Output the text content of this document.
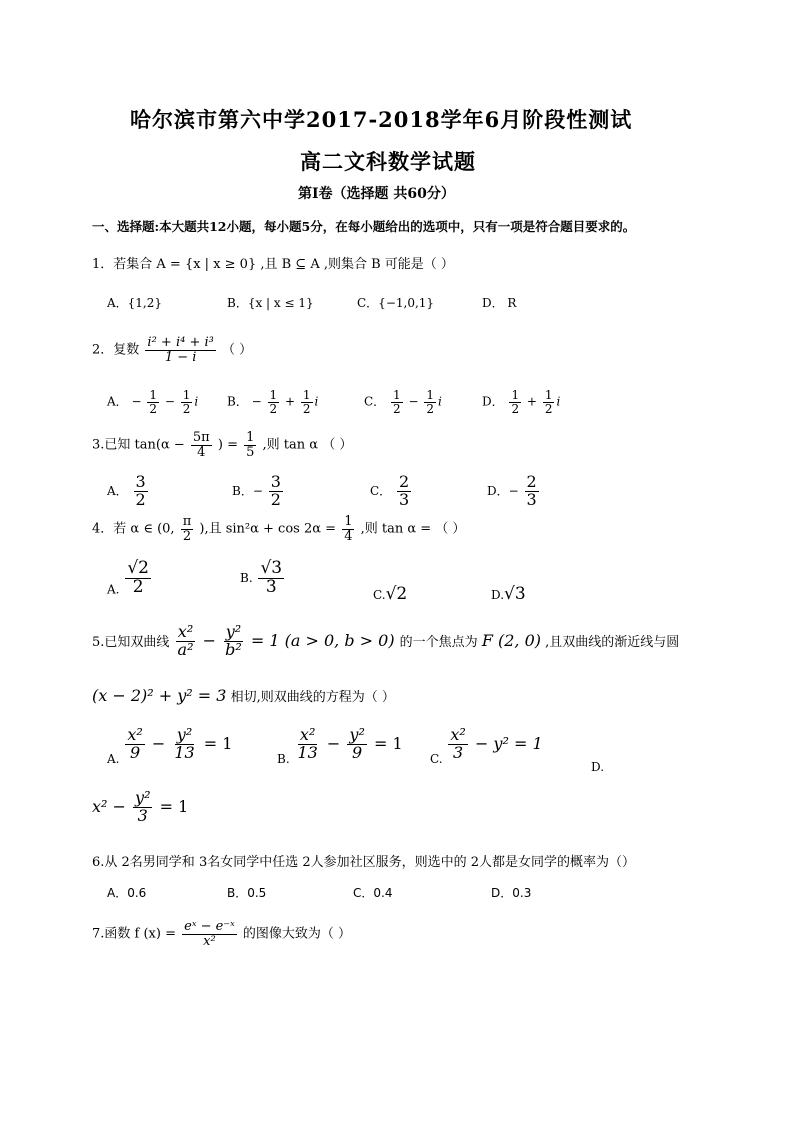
哈尔滨市第六中学2017-2018学年6月阶段性测试
高二文科数学试题
第Ⅰ卷（选择题 共60分）
一、选择题:本大题共12小题，每小题5分，在每小题给出的选项中，只有一项是符合题目要求的。
1．若集合 A = {x | x ≥ 0} ,且 B ⊆ A ,则集合 B 可能是（ ）
A．{1,2}	B．{x | x ≤ 1}	C．{−1,0,1}	D． R
2．复数 $\frac{\text{i² + i⁴ + i³}}{1 - i}$ （ ）
A． − $\frac{1}{2} - \frac{1}{2}$ i B． − $\frac{1}{2} + \frac{1}{2}$ i	C． $\frac{1}{2} - \frac{1}{2}$ i	D． $\frac{1}{2} + \frac{1}{2}$ i
3.已知 $\tan(\alpha - \frac{5\pi}{4}$ ) = $\frac{1}{5}$ ,则 tan α （ ）
A． $\frac{3}{2}$	B．− $\frac{3}{2}$	C． $\frac{2}{3}$	D．− $\frac{2}{3}$
4．若 α ∈ (0, $\frac{\pi}{2}$ ),且 $\sin^2\alpha + \cos 2\alpha = \frac{1}{4}$ ,则 tan α = （ ）
A. $\frac{√2}{2}$	B. $\frac{√3}{3}$	C.√2	D.√3
5.已知双曲线 $\frac{\text{x²}}{\text{a²}} - \frac{\text{y²}}{\text{b²}} = 1$ (a > 0, b > 0) 的一个焦点为 F (2, 0) ,且双曲线的渐近线与圆
(x − 2)² + y² = 3 相切,则双曲线的方程为（ ）
A. $\frac{\text{x²}}{9} - \frac{\text{y²}}{13} = 1$
B. $\frac{\text{x²}}{13} - \frac{\text{y²}}{9} = 1$
C. $\frac{\text{x²}}{3} - y^2 = 1$
D.
$x^2 - \frac{\text{y²}}{3} = 1$
6.从 2名男同学和 3名女同学中任选 2人参加社区服务，则选中的 2人都是女同学的概率为（）
A．0.6	B．0.5	C．0.4	D．0.3
7.函数 f $(x) = \frac{\text{eˣ − e⁻ˣ}}{\text{x²}}$ 的图像大致为（ ）
